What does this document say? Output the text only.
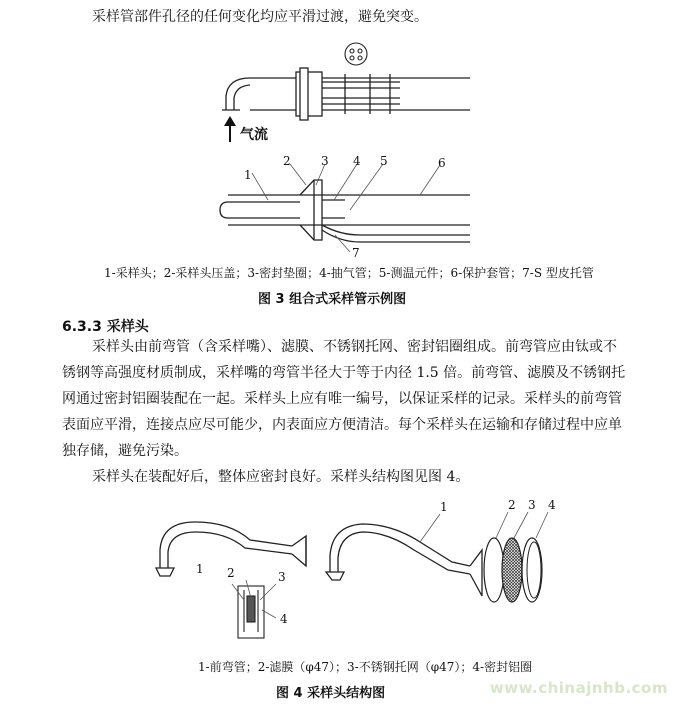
采样管部件孔径的任何变化均应平滑过渡，避免突变。
气流
1
2	3 4 5	6
7
1-采样头；2-采样头压盖；3-密封垫圈；4-抽气管；5-测温元件；6-保护套管；7-S 型皮托管
图 3 组合式采样管示例图
6.3.3 采样头
采样头由前弯管（含采样嘴）、滤膜、不锈钢托网、密封铝圈组成。前弯管应由钛或不
锈钢等高强度材质制成，采样嘴的弯管半径大于等于内径 1.5 倍。前弯管、滤膜及不锈钢托
网通过密封铝圈装配在一起。采样头上应有唯一编号，以保证采样的记录。采样头的前弯管
表面应平滑，连接点应尽可能少，内表面应方便清洁。每个采样头在运输和存储过程中应单
独存储，避免污染。
采样头在装配好后，整体应密封良好。采样头结构图见图 4。
1 2	3
4
1	2 3 4
1-前弯管；2-滤膜（φ47）；3-不锈钢托网（φ47）；4-密封铝圈
图 4 采样头结构图	www.chinajnhb.com
